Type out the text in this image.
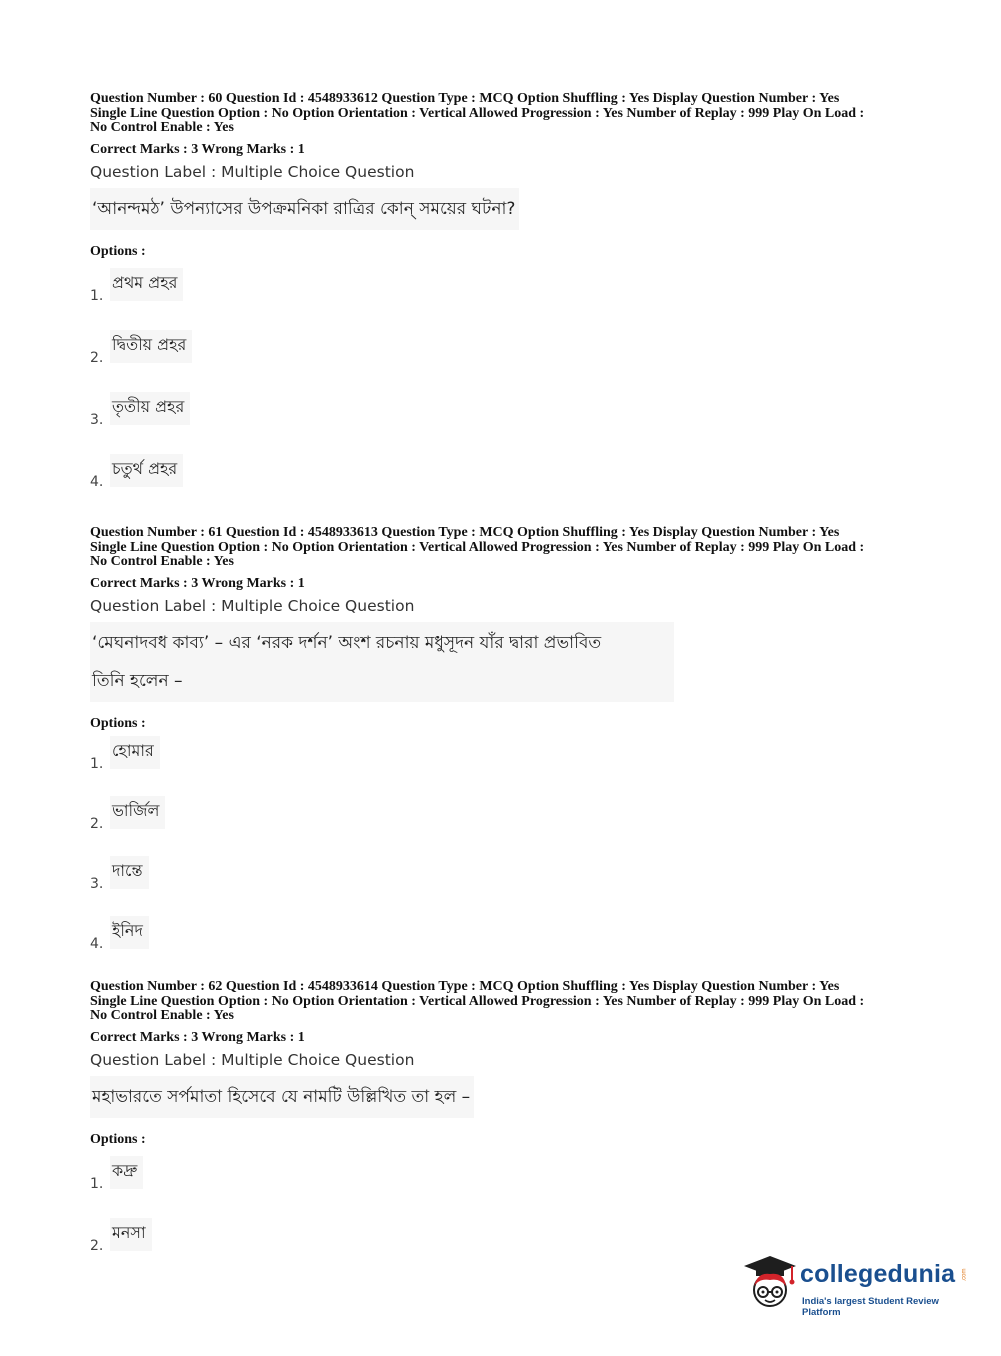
Question Number : 60 Question Id : 4548933612 Question Type : MCQ Option Shuffling : Yes Display Question Number : Yes
Single Line Question Option : No Option Orientation : Vertical Allowed Progression : Yes Number of Replay : 999 Play On Load :
No Control Enable : Yes

Correct Marks : 3 Wrong Marks : 1

Question Label : Multiple Choice Question

‘আনন্দমঠ’ উপন্যাসের উপক্রমনিকা রাত্রির কোন্ সময়ের ঘটনা?

Options :

1.
প্রথম প্রহর
2.
দ্বিতীয় প্রহর
3.
তৃতীয় প্রহর
4.
চতুর্থ প্রহর

Question Number : 61 Question Id : 4548933613 Question Type : MCQ Option Shuffling : Yes Display Question Number : Yes
Single Line Question Option : No Option Orientation : Vertical Allowed Progression : Yes Number of Replay : 999 Play On Load :
No Control Enable : Yes

Correct Marks : 3 Wrong Marks : 1

Question Label : Multiple Choice Question

‘মেঘনাদবধ কাব্য’ – এর ‘নরক দর্শন’ অংশ রচনায় মধুসূদন যাঁর দ্বারা প্রভাবিত
তিনি হলেন –

Options :

1.
হোমার
2.
ভার্জিল
3.
দান্তে
4.
ইনিদ

Question Number : 62 Question Id : 4548933614 Question Type : MCQ Option Shuffling : Yes Display Question Number : Yes
Single Line Question Option : No Option Orientation : Vertical Allowed Progression : Yes Number of Replay : 999 Play On Load :
No Control Enable : Yes

Correct Marks : 3 Wrong Marks : 1

Question Label : Multiple Choice Question

মহাভারতে সর্পমাতা হিসেবে যে নামটি উল্লিখিত তা হল –

Options :

1.
কদ্রু
2.
মনসা
collegedunia .com
India's largest Student Review Platform
